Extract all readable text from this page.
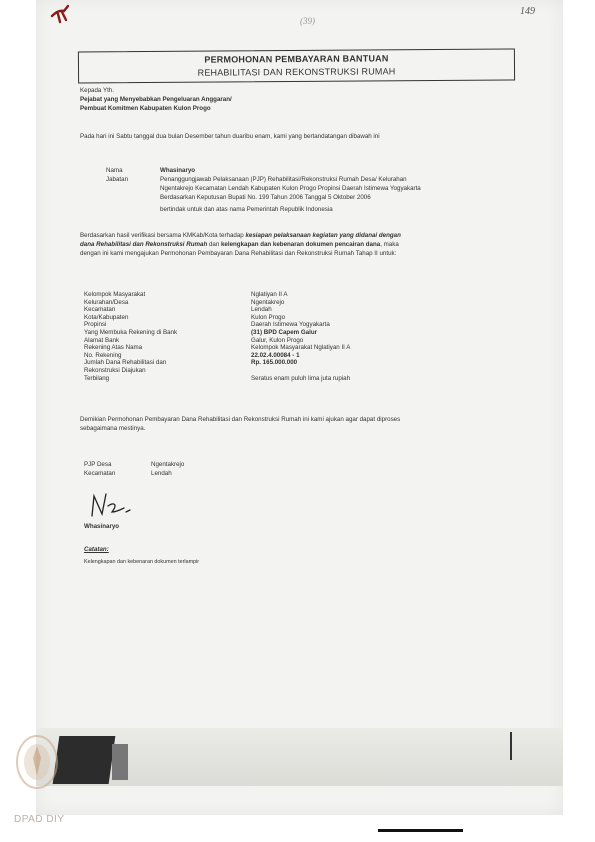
149
(39)
PERMOHONAN PEMBAYARAN BANTUAN
REHABILITASI DAN REKONSTRUKSI RUMAH
Kepada Yth.
Pejabat yang Menyebabkan Pengeluaran Anggaran/
Pembuat Komitmen Kabupaten Kulon Progo
Pada hari ini Sabtu tanggal dua bulan Desember tahun duaribu enam, kami yang bertandatangan dibawah ini
Nama	Whasinaryo
Jabatan	Penanggungjawab Pelaksanaan (PJP) Rehabilitasi/Rekonstruksi Rumah Desa/ Kelurahan
Ngentakrejo Kecamatan Lendah Kabupaten Kulon Progo Propinsi Daerah Istimewa Yogyakarta
Berdasarkan Keputusan Bupati No. 199 Tahun 2006 Tanggal 5 Oktober 2006
bertindak untuk dan atas nama Pemerintah Republik Indonesia
Berdasarkan hasil verifikasi bersama KMKab/Kota terhadap kesiapan pelaksanaan kegiatan yang didanai dengan
dana Rehabilitasi dan Rekonstruksi Rumah dan kelengkapan dan kebenaran dokumen pencairan dana, maka
dengan ini kami mengajukan Permohonan Pembayaran Dana Rehabilitasi dan Rekonstruksi Rumah Tahap II untuk:
Kelompok Masyarakat	Nglatiyan II A
Kelurahan/Desa	Ngentakrejo
Kecamatan	Lendah
Kota/Kabupaten	Kulon Progo
Propinsi	Daerah Istimewa Yogyakarta
Yang Membuka Rekening di Bank	(31) BPD Capem Galur
Alamat Bank	Galur, Kulon Progo
Rekening Atas Nama	Kelompok Masyarakat Nglatiyan II A
No. Rekening	22.02.4.00084 - 1
Jumlah Dana Rehabilitasi dan	Rp. 165.000.000
Rekonstruksi Diajukan
Terbilang	Seratus enam puluh lima juta rupiah
Demikian Permohonan Pembayaran Dana Rehabilitasi dan Rekonstruksi Rumah ini kami ajukan agar dapat diproses
sebagaimana mestinya.
PJP Desa	Ngentakrejo
Kecamatan	Lendah
Whasinaryo
Catatan:
Kelengkapan dan kebenaran dokumen terlampir
DPAD DIY
